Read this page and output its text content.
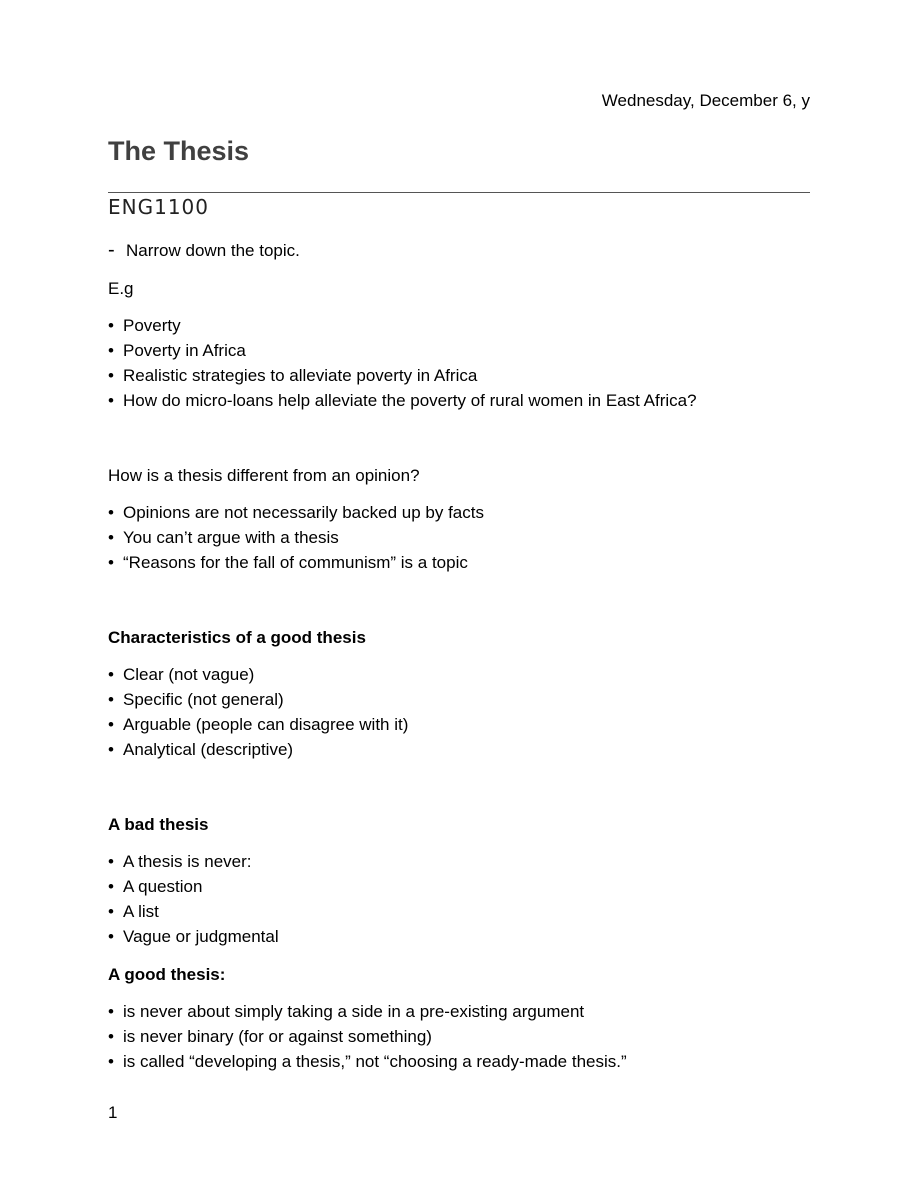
Wednesday, December 6, y
The Thesis
ENG1100
- Narrow down the topic.
E.g
• Poverty
• Poverty in Africa
• Realistic strategies to alleviate poverty in Africa
• How do micro-loans help alleviate the poverty of rural women in East Africa?
How is a thesis different from an opinion?
• Opinions are not necessarily backed up by facts
• You can’t argue with a thesis
• “Reasons for the fall of communism” is a topic
Characteristics of a good thesis
• Clear (not vague)
• Specific (not general)
• Arguable (people can disagree with it)
• Analytical (descriptive)
A bad thesis
• A thesis is never:
• A question
• A list
• Vague or judgmental
A good thesis:
• is never about simply taking a side in a pre-existing argument
• is never binary (for or against something)
• is called “developing a thesis,” not “choosing a ready-made thesis.”
1
